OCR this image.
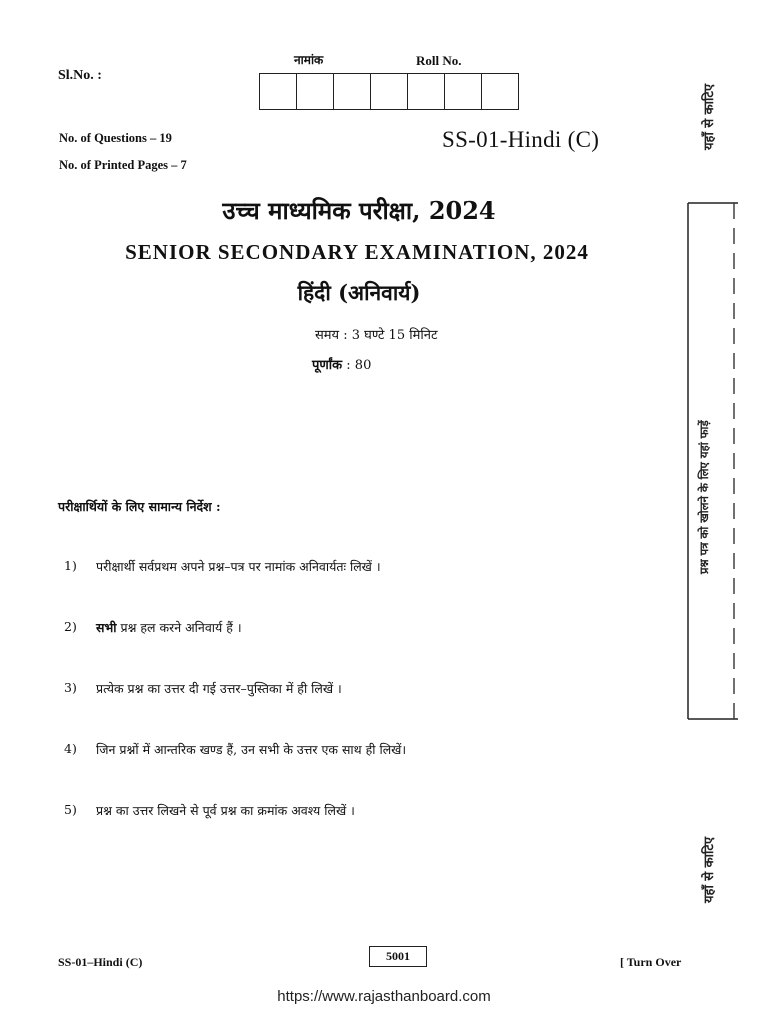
Sl.No. :
नामांक	Roll No.
यहाँ से काटिए
No. of Questions – 19
No. of Printed Pages – 7
SS-01-Hindi (C)
उच्च माध्यमिक परीक्षा, 2024
SENIOR SECONDARY EXAMINATION, 2024
हिंदी (अनिवार्य)
समय : 3 घण्टे 15 मिनिट
पूर्णांक : 80
प्रश्न पत्र को खोलने के लिए यहां फाड़ें
परीक्षार्थियों के लिए सामान्य निर्देश :
1)	परीक्षार्थी सर्वप्रथम अपने प्रश्न–पत्र पर नामांक अनिवार्यतः लिखें ।
2)	सभी प्रश्न हल करने अनिवार्य हैं ।
3)	प्रत्येक प्रश्न का उत्तर दी गई उत्तर–पुस्तिका में ही लिखें ।
4)	जिन प्रश्नों में आन्तरिक खण्ड हैं, उन सभी के उत्तर एक साथ ही लिखें।
5)	प्रश्न का उत्तर लिखने से पूर्व प्रश्न का क्रमांक अवश्य लिखें ।
यहाँ से काटिए
SS-01–Hindi (C)	5001	[ Turn Over
https://www.rajasthanboard.com
